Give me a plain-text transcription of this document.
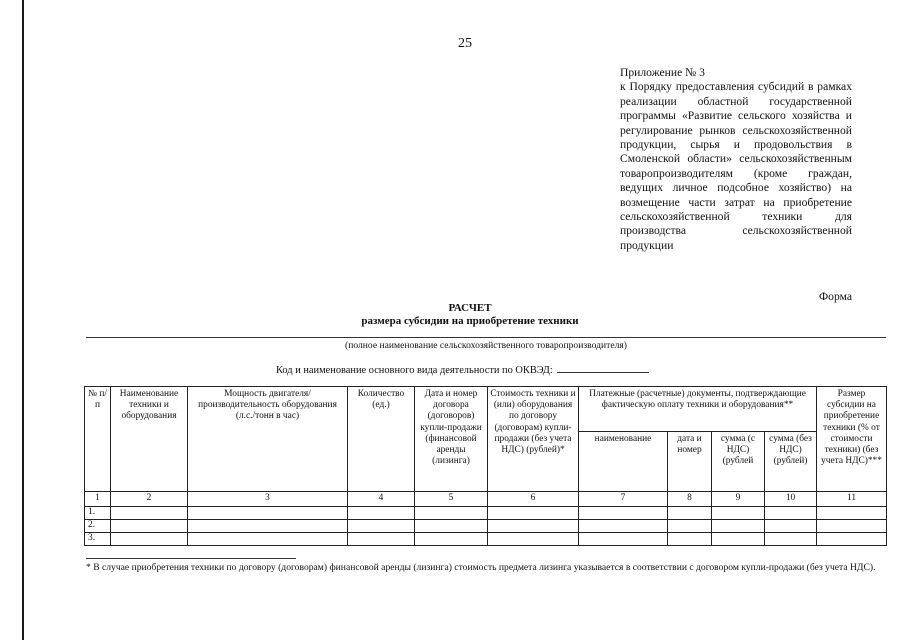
25
Приложение № 3
к Порядку предоставления субсидий в рамках реализации областной государственной программы «Развитие сельского хозяйства и регулирование рынков сельскохозяйственной продукции, сырья и продовольствия в Смоленской области» сельскохозяйственным товаропроизводителям (кроме граждан, ведущих личное подсобное хозяйство) на возмещение части затрат на приобретение сельскохозяйственной техники для производства сельскохозяйственной продукции
Форма
РАСЧЕТ
размера субсидии на приобретение техники
(полное наименование сельскохозяйственного товаропроизводителя)
Код и наименование основного вида деятельности по ОКВЭД:
№ п/п	Наименование техники и оборудования	Мощность двигателя/производительность оборудования (л.с./тонн в час)	Количество (ед.)	Дата и номер договора (договоров) купли-продажи (финансовой аренды (лизинга)	Стоимость техники и (или) оборудования по договору (договорам) купли-продажи (без учета НДС) (рублей)*	Платежные (расчетные) документы, подтверждающие фактическую оплату техники и оборудования**				Размер субсидии на приобретение техники (% от стоимости техники) (без учета НДС)***
						наименование	дата и номер	сумма (с НДС) (рублей	сумма (без НДС) (рублей)	
1	2	3	4	5	6	7	8	9	10	11
1.										
2.										
3.										
* В случае приобретения техники по договору (договорам) финансовой аренды (лизинга) стоимость предмета лизинга указывается в соответствии с договором купли-продажи (без учета НДС).
